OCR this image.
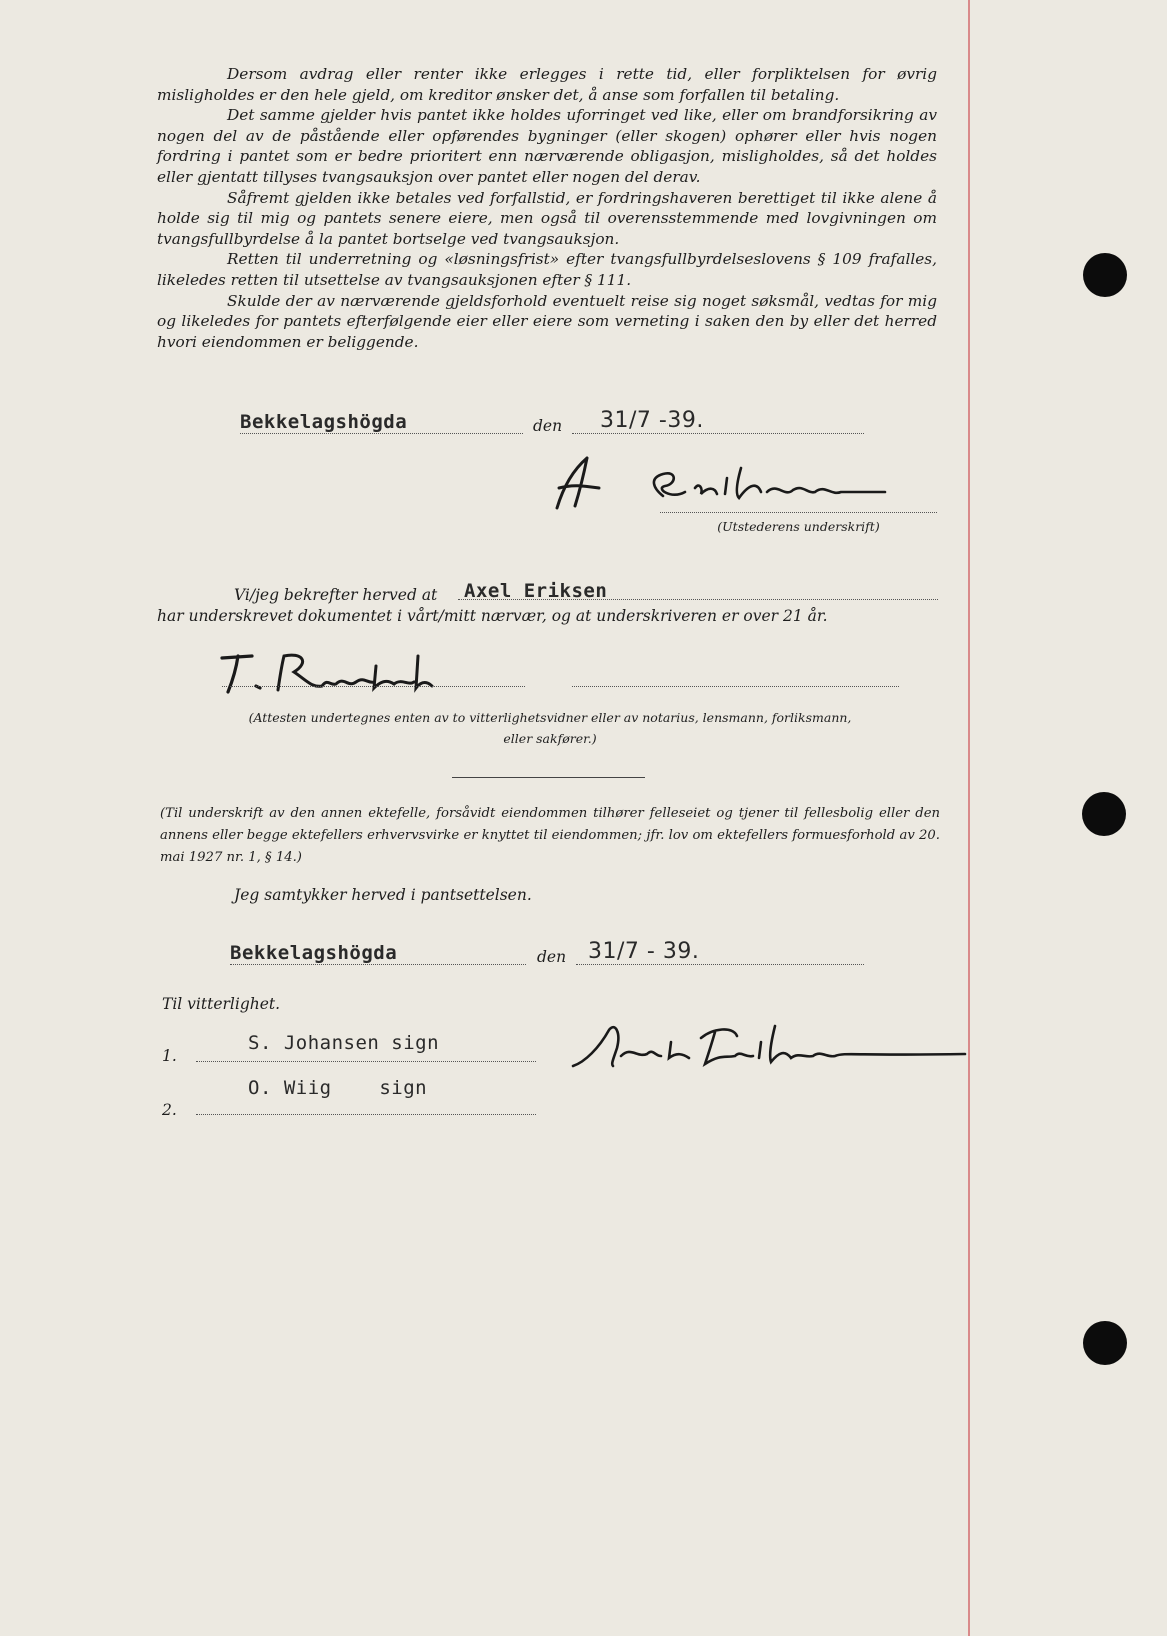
Dersom avdrag eller renter ikke erlegges i rette tid, eller forpliktelsen for øvrig misligholdes er den hele gjeld, om kreditor ønsker det, å anse som forfallen til betaling.

Det samme gjelder hvis pantet ikke holdes uforringet ved like, eller om brandforsikring av nogen del av de påstående eller opførendes bygninger (eller skogen) ophører eller hvis nogen fordring i pantet som er bedre prioritert enn nærværende obligasjon, misligholdes, så det holdes eller gjentatt tillyses tvangsauksjon over pantet eller nogen del derav.

Såfremt gjelden ikke betales ved forfallstid, er fordringshaveren berettiget til ikke alene å holde sig til mig og pantets senere eiere, men også til overensstemmende med lovgivningen om tvangsfullbyrdelse å la pantet bortselge ved tvangsauksjon.

Retten til underretning og «løsningsfrist» efter tvangsfullbyrdelseslovens § 109 frafalles, likeledes retten til utsettelse av tvangsauksjonen efter § 111.

Skulde der av nærværende gjeldsforhold eventuelt reise sig noget søksmål, vedtas for mig og likeledes for pantets efterfølgende eier eller eiere som verneting i saken den by eller det herred hvori eiendommen er beliggende.

Bekkelagshögda	den 31/7 -39.
(Utstederens underskrift)
Vi/jeg bekrefter herved at Axel Eriksen
har underskrevet dokumentet i vårt/mitt nærvær, og at underskriveren er over 21 år.
(Attesten undertegnes enten av to vitterlighetsvidner eller av notarius, lensmann, forliksmann,
eller sakfører.)
(Til underskrift av den annen ektefelle, forsåvidt eiendommen tilhører felleseiet og tjener til fellesbolig eller den annens eller begge ektefellers erhvervsvirke er knyttet til eiendommen; jfr. lov om ektefellers formuesforhold av 20. mai 1927 nr. 1, § 14.)
Jeg samtykker herved i pantsettelsen.
Bekkelagshögda	den 31/7 - 39.
Til vitterlighet.
1.
S. Johansen sign
2.
O. Wiig    sign
